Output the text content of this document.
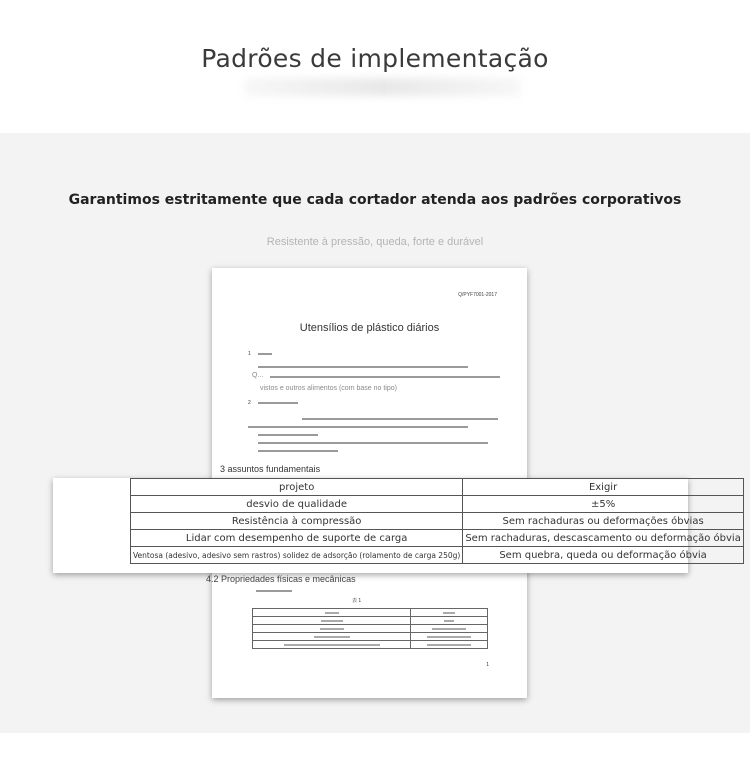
Padrões de implementação
Garantimos estritamente que cada cortador atenda aos padrões corporativos
Resistente à pressão, queda, forte e durável
Q/PYF7001-2017
Utensílios de plástico diários
1
Q...
vistos e outros alimentos (com base no tipo)
2
3 assuntos fundamentais
4.2 Propriedades físicas e mecânicas
表 1

1
projeto	Exigir
desvio de qualidade	±5%
Resistência à compressão	Sem rachaduras ou deformações óbvias
Lidar com desempenho de suporte de carga	Sem rachaduras, descascamento ou deformação óbvia
Ventosa (adesivo, adesivo sem rastros) solidez de adsorção (rolamento de carga 250g)	Sem quebra, queda ou deformação óbvia
